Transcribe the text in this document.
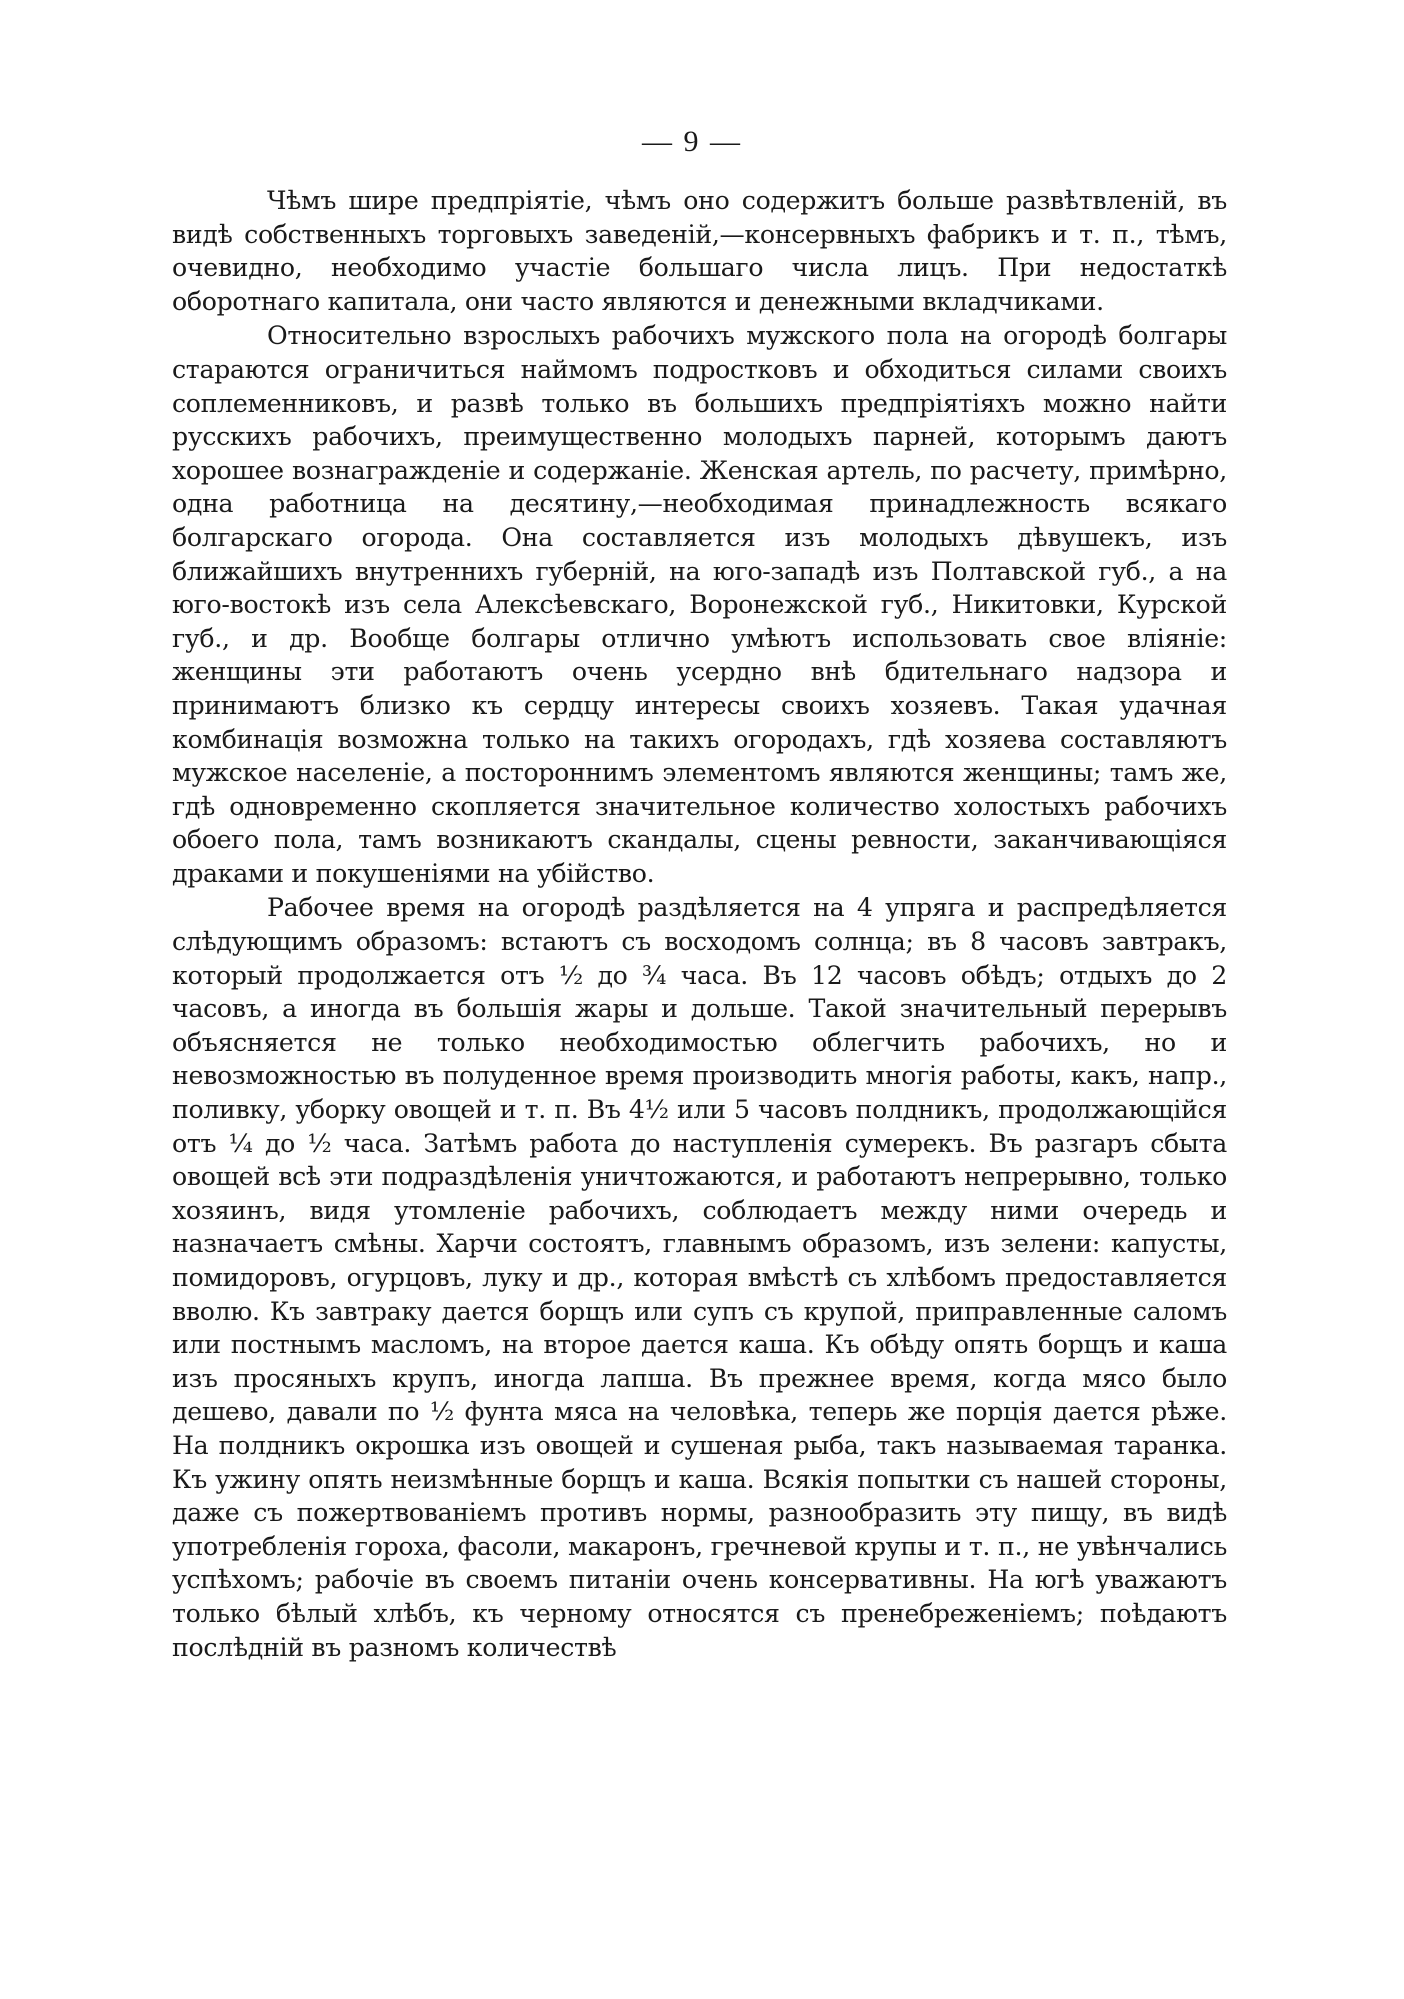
— 9 —

Чѣмъ шире предпріятіе, чѣмъ оно содержитъ больше развѣтвленій, въ видѣ собственныхъ торговыхъ заведеній,—консервныхъ фабрикъ и т. п., тѣмъ, очевидно, необходимо участіе большаго числа лицъ. При недостаткѣ оборотнаго капитала, они часто являются и денежными вкладчиками.

Относительно взрослыхъ рабочихъ мужского пола на огородѣ болгары стараются ограничиться наймомъ подростковъ и обходиться силами своихъ соплеменниковъ, и развѣ только въ большихъ предпріятіяхъ можно найти русскихъ рабочихъ, преимущественно молодыхъ парней, которымъ даютъ хорошее вознагражденіе и содержаніе. Женская артель, по расчету, примѣрно, одна работница на десятину,—необходимая принадлежность всякаго болгарскаго огорода. Она составляется изъ молодыхъ дѣвушекъ, изъ ближайшихъ внутреннихъ губерній, на юго-западѣ изъ Полтавской губ., а на юго-востокѣ изъ села Алексѣевскаго, Воронежской губ., Никитовки, Курской губ., и др. Вообще болгары отлично умѣютъ использовать свое вліяніе: женщины эти работаютъ очень усердно внѣ бдительнаго надзора и принимаютъ близко къ сердцу интересы своихъ хозяевъ. Такая удачная комбинація возможна только на такихъ огородахъ, гдѣ хозяева составляютъ мужское населеніе, а постороннимъ элементомъ являются женщины; тамъ же, гдѣ одновременно скопляется значительное количество холостыхъ рабочихъ обоего пола, тамъ возникаютъ скандалы, сцены ревности, заканчивающіяся драками и покушеніями на убійство.

Рабочее время на огородѣ раздѣляется на 4 упряга и распредѣляется слѣдующимъ образомъ: встаютъ съ восходомъ солнца; въ 8 часовъ завтракъ, который продолжается отъ ½ до ¾ часа. Въ 12 часовъ обѣдъ; отдыхъ до 2 часовъ, а иногда въ большія жары и дольше. Такой значительный перерывъ объясняется не только необходимостью облегчить рабочихъ, но и невозможностью въ полуденное время производить многія работы, какъ, напр., поливку, уборку овощей и т. п. Въ 4½ или 5 часовъ полдникъ, продолжающійся отъ ¼ до ½ часа. Затѣмъ работа до наступленія сумерекъ. Въ разгаръ сбыта овощей всѣ эти подраздѣленія уничтожаются, и работаютъ непрерывно, только хозяинъ, видя утомленіе рабочихъ, соблюдаетъ между ними очередь и назначаетъ смѣны. Харчи состоятъ, главнымъ образомъ, изъ зелени: капусты, помидоровъ, огурцовъ, луку и др., которая вмѣстѣ съ хлѣбомъ предоставляется вволю. Къ завтраку дается борщъ или супъ съ крупой, приправленные саломъ или постнымъ масломъ, на второе дается каша. Къ обѣду опять борщъ и каша изъ просяныхъ крупъ, иногда лапша. Въ прежнее время, когда мясо было дешево, давали по ½ фунта мяса на человѣка, теперь же порція дается рѣже. На полдникъ окрошка изъ овощей и сушеная рыба, такъ называемая таранка. Къ ужину опять неизмѣнные борщъ и каша. Всякія попытки съ нашей стороны, даже съ пожертвованіемъ противъ нормы, разнообразить эту пищу, въ видѣ употребленія гороха, фасоли, макаронъ, гречневой крупы и т. п., не увѣнчались успѣхомъ; рабочіе въ своемъ питаніи очень консервативны. На югѣ уважаютъ только бѣлый хлѣбъ, къ черному относятся съ пренебреженіемъ; поѣдаютъ послѣдній въ разномъ количествѣ
